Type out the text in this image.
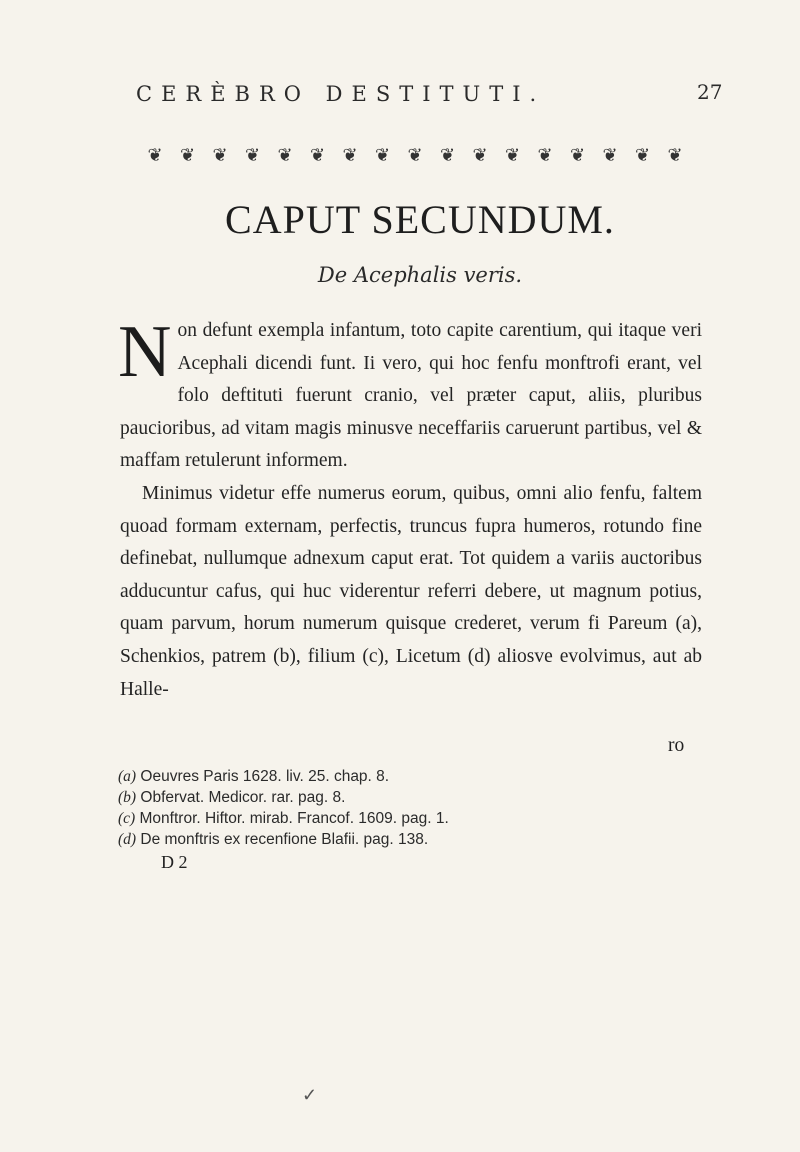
CERÈBRO DESTITUTI.	27
❦ ❦ ❦ ❦ ❦ ❦ ❦ ❦ ❦ ❦ ❦ ❦ ❦ ❦ ❦ ❦ ❦
CAPUT SECUNDUM.
De Acephalis veris.

Non defunt exempla infantum, toto capite carentium, qui itaque veri Acephali dicendi funt. Ii vero, qui hoc fenfu monftrofi erant, vel folo deftituti fuerunt cranio, vel præter caput, aliis, pluribus paucioribus, ad vitam magis minusve neceffariis caruerunt partibus, vel & maffam retulerunt informem.

Minimus videtur effe numerus eorum, quibus, omni alio fenfu, faltem quoad formam externam, perfectis, truncus fupra humeros, rotundo fine definebat, nullumque adnexum caput erat. Tot quidem a variis auctoribus adducuntur cafus, qui huc viderentur referri debere, ut magnum potius, quam parvum, horum numerum quisque crederet, verum fi Pareum (a), Schenkios, patrem (b), filium (c), Licetum (d) aliosve evolvimus, aut ab Halle-

ro
(a) Oeuvres Paris 1628. liv. 25. chap. 8.
(b) Obfervat. Medicor. rar. pag. 8.
(c) Monftror. Hiftor. mirab. Francof. 1609. pag. 1.
(d) De monftris ex recenfione Blafii. pag. 138.
D 2
✓
